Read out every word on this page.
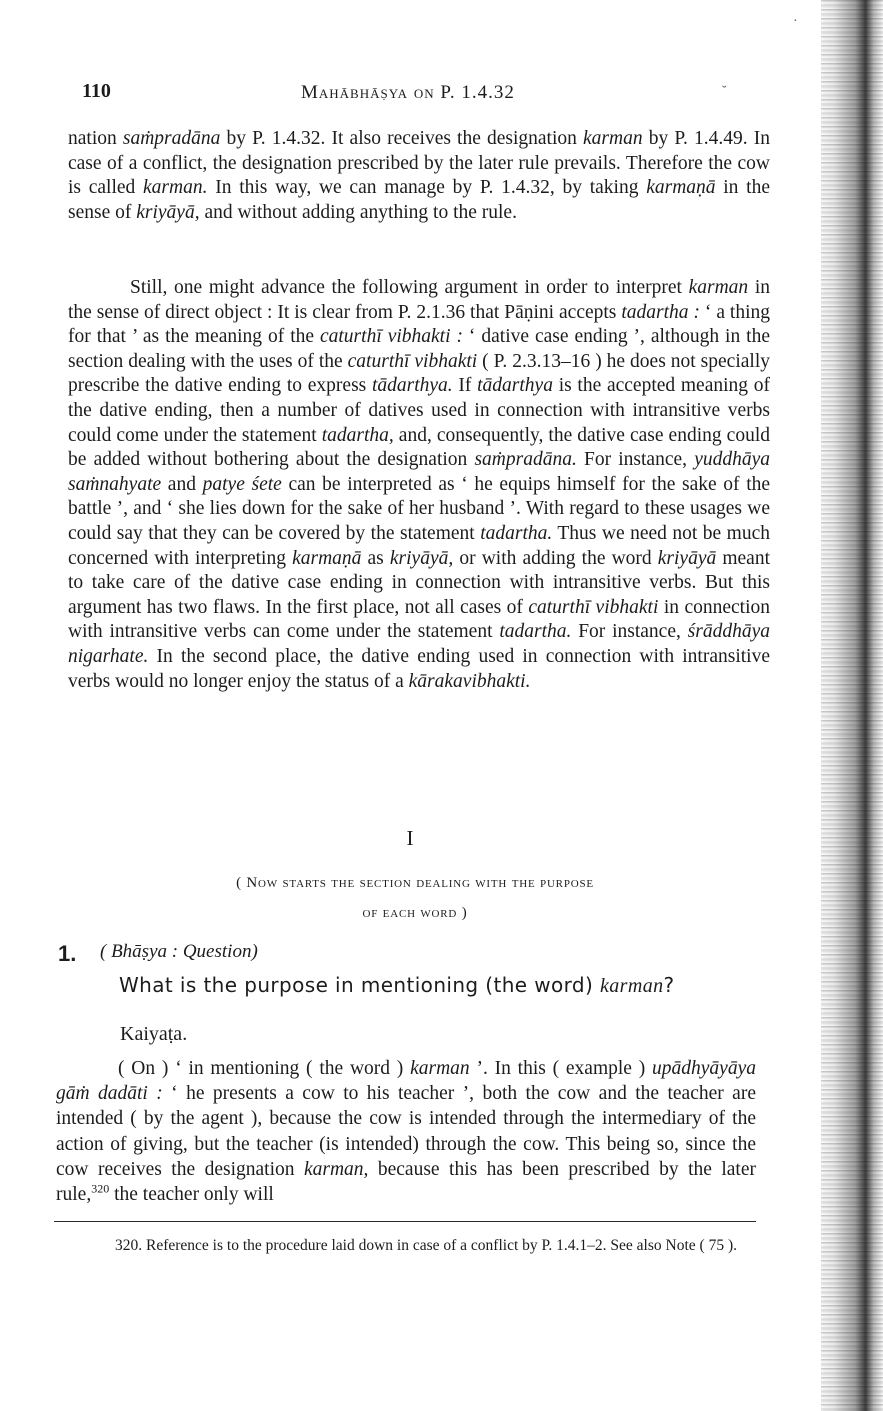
110	Mahābhāṣya on P. 1.4.32
nation saṁpradāna by P. 1.4.32. It also receives the designation karman by P. 1.4.49. In case of a conflict, the designation prescribed by the later rule prevails. Therefore the cow is called karman. In this way, we can manage by P. 1.4.32, by taking karmaṇā in the sense of kriyāyā, and without adding anything to the rule.
Still, one might advance the following argument in order to interpret karman in the sense of direct object : It is clear from P. 2.1.36 that Pāṇini accepts tadartha : ‘ a thing for that ’ as the meaning of the caturthī vibhakti : ‘ dative case ending ’, although in the section dealing with the uses of the caturthī vibhakti ( P. 2.3.13–16 ) he does not specially prescribe the dative ending to express tādarthya. If tādarthya is the accepted meaning of the dative ending, then a number of datives used in connection with intransitive verbs could come under the statement tadartha, and, consequently, the dative case ending could be added without bothering about the designation saṁpradāna. For instance, yuddhāya saṁnahyate and patye śete can be interpreted as ‘ he equips himself for the sake of the battle ’, and ‘ she lies down for the sake of her husband ’. With regard to these usages we could say that they can be covered by the statement tadartha. Thus we need not be much concerned with interpreting karmaṇā as kriyāyā, or with adding the word kriyāyā meant to take care of the dative case ending in connection with intransitive verbs. But this argument has two flaws. In the first place, not all cases of caturthī vibhakti in connection with intransitive verbs can come under the statement tadartha. For instance, śrāddhāya nigarhate. In the second place, the dative ending used in connection with intransitive verbs would no longer enjoy the status of a kārakavibhakti.
I
( Now starts the section dealing with the purpose
of each word )
1. ( Bhāṣya : Question)
What is the purpose in mentioning (the word) karman?
Kaiyaṭa.
( On ) ‘ in mentioning ( the word ) karman ’. In this ( example ) upādhyāyāya gāṁ dadāti : ‘ he presents a cow to his teacher ’, both the cow and the teacher are intended ( by the agent ), because the cow is intended through the intermediary of the action of giving, but the teacher (is intended) through the cow. This being so, since the cow receives the designation karman, because this has been prescribed by the later rule,$^{320}$ the teacher only will
320. Reference is to the procedure laid down in case of a conflict by P. 1.4.1–2. See also Note ( 75 ).
˘
·
